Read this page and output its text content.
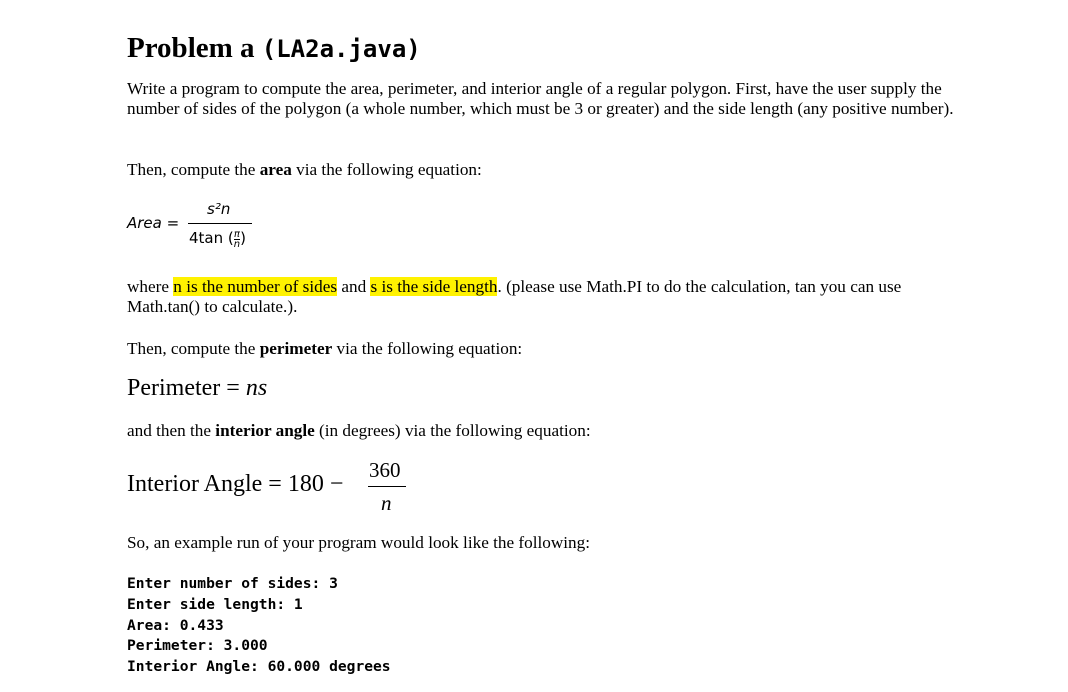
Problem a (LA2a.java)
Write a program to compute the area, perimeter, and interior angle of a regular polygon. First, have the user supply the number of sides of the polygon (a whole number, which must be 3 or greater) and the side length (any positive number).
Then, compute the area via the following equation:
Area =
s²n
4tan ($\frac{\pi}{n}$ )
where n is the number of sides and s is the side length. (please use Math.PI to do the calculation, tan you can use Math.tan() to calculate.).
Then, compute the perimeter via the following equation:
Perimeter = ns
and then the interior angle (in degrees) via the following equation:
Interior Angle = 180 −
360
n
So, an example run of your program would look like the following:
Enter number of sides: 3
Enter side length: 1
Area: 0.433
Perimeter: 3.000
Interior Angle: 60.000 degrees
